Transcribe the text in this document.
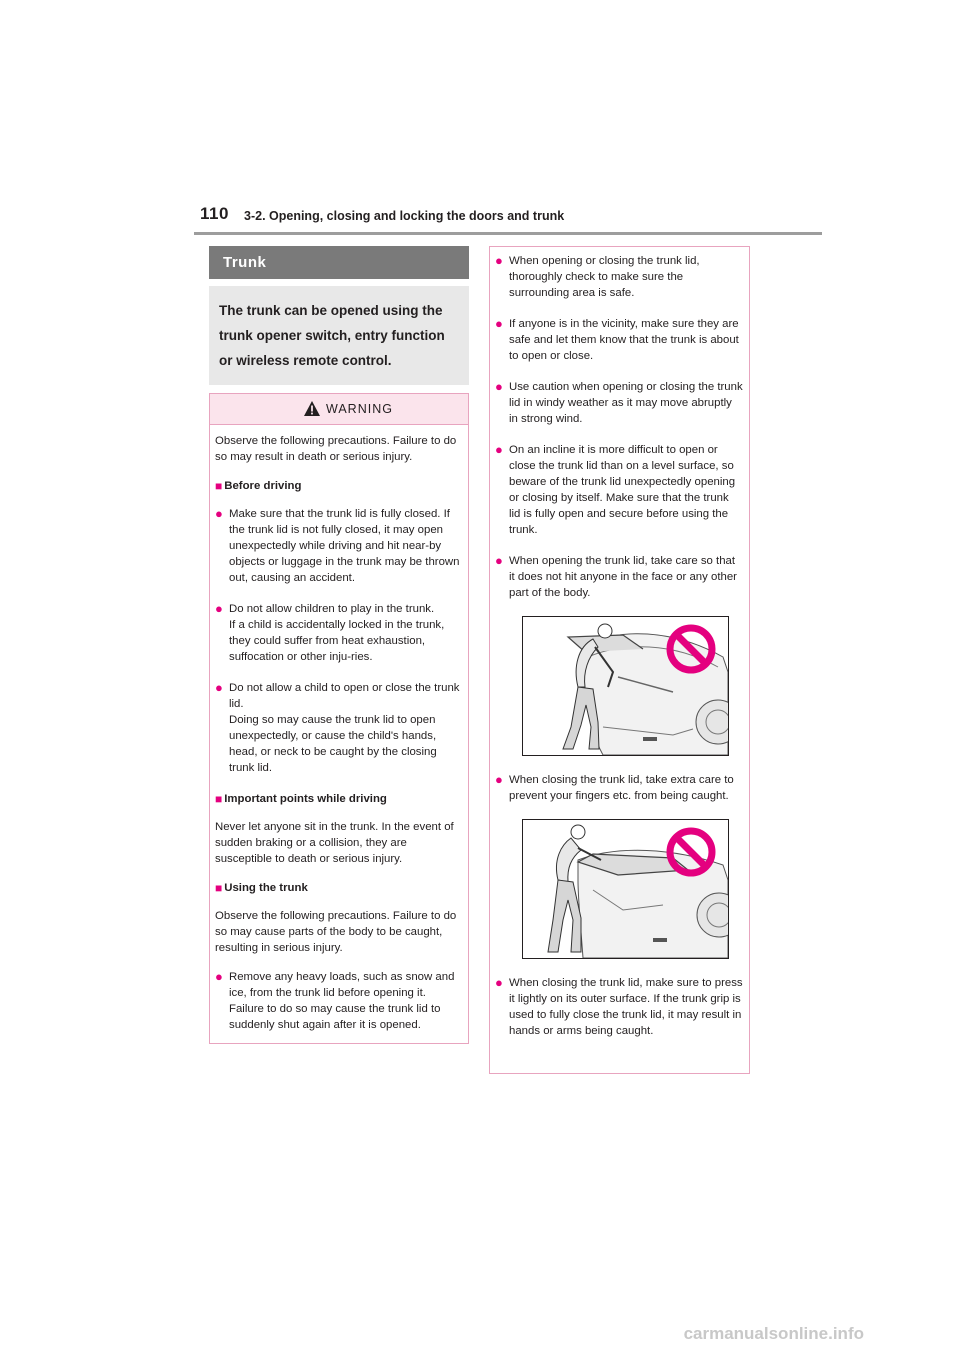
110 3-2. Opening, closing and locking the doors and trunk
Trunk
The trunk can be opened using the trunk opener switch, entry function or wireless remote control.
WARNING

Observe the following precautions. Failure to do so may result in death or serious injury.

■ Before driving
● Make sure that the trunk lid is fully closed. If the trunk lid is not fully closed, it may open unexpectedly while driving and hit near-by objects or luggage in the trunk may be thrown out, causing an accident.
● Do not allow children to play in the trunk.
If a child is accidentally locked in the trunk, they could suffer from heat exhaustion, suffocation or other inju-ries.
● Do not allow a child to open or close the trunk lid.
Doing so may cause the trunk lid to open unexpectedly, or cause the child's hands, head, or neck to be caught by the closing trunk lid.
■ Important points while driving

Never let anyone sit in the trunk. In the event of sudden braking or a collision, they are susceptible to death or serious injury.

■ Using the trunk

Observe the following precautions. Failure to do so may cause parts of the body to be caught, resulting in serious injury.

● Remove any heavy loads, such as snow and ice, from the trunk lid before opening it. Failure to do so may cause the trunk lid to suddenly shut again after it is opened.
● When opening or closing the trunk lid, thoroughly check to make sure the surrounding area is safe.
● If anyone is in the vicinity, make sure they are safe and let them know that the trunk is about to open or close.
● Use caution when opening or closing the trunk lid in windy weather as it may move abruptly in strong wind.
● On an incline it is more difficult to open or close the trunk lid than on a level surface, so beware of the trunk lid unexpectedly opening or closing by itself. Make sure that the trunk lid is fully open and secure before using the trunk.
● When opening the trunk lid, take care so that it does not hit anyone in the face or any other part of the body.
● When closing the trunk lid, take extra care to prevent your fingers etc. from being caught.
● When closing the trunk lid, make sure to press it lightly on its outer surface. If the trunk grip is used to fully close the trunk lid, it may result in hands or arms being caught.
carmanualsonline.info
